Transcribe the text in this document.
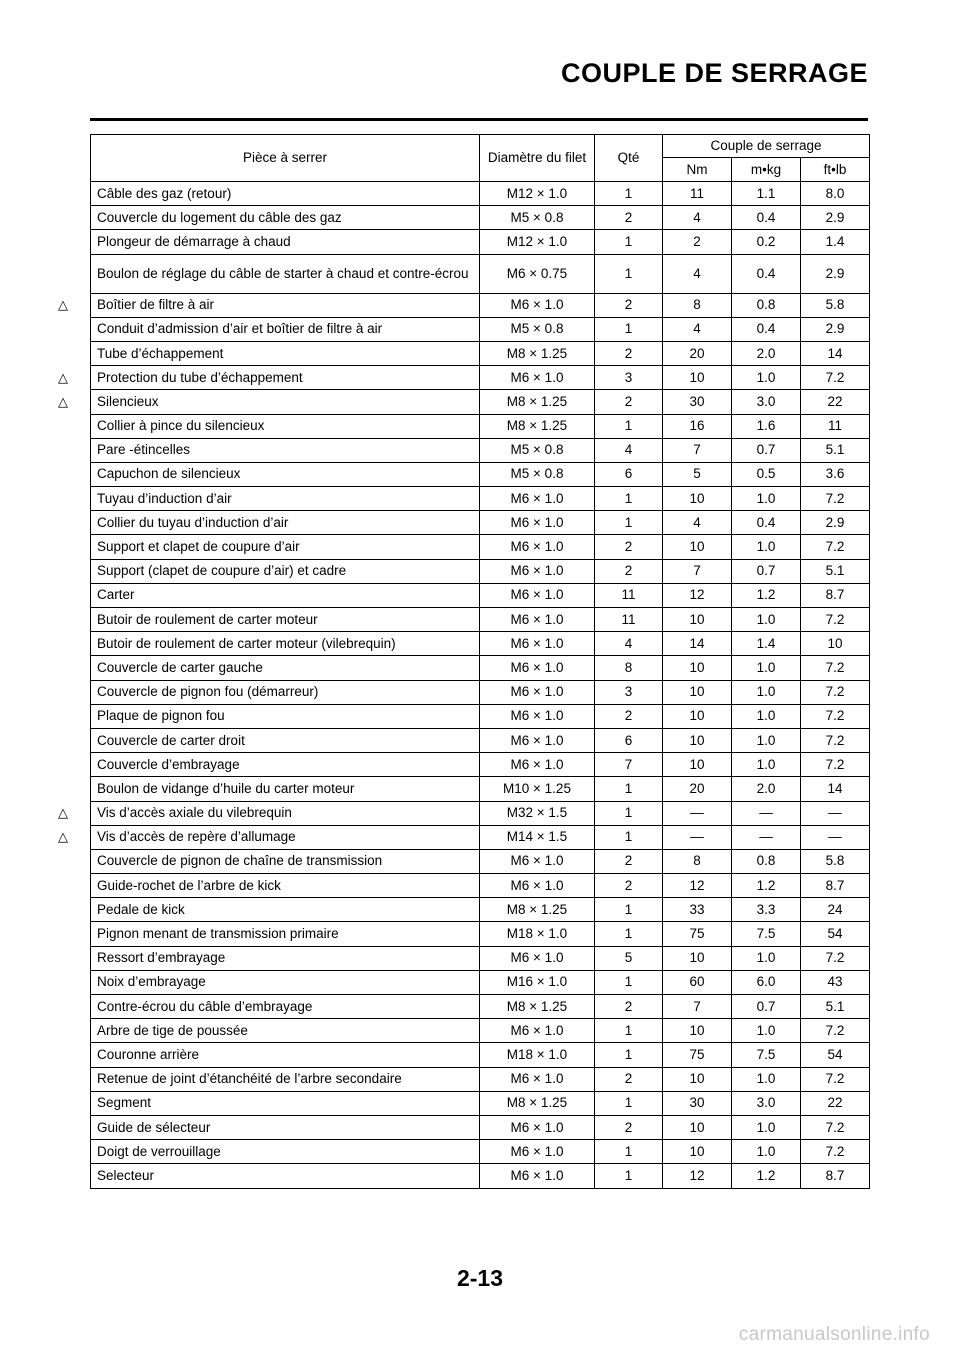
COUPLE DE SERRAGE
Pièce à serrer	Diamètre du filet	Qté	Couple de serrage		
			Nm	m•kg	ft•lb
Câble des gaz (retour)	M12 × 1.0	1	11	1.1	8.0
Couvercle du logement du câble des gaz	M5 × 0.8	2	4	0.4	2.9
Plongeur de démarrage à chaud	M12 × 1.0	1	2	0.2	1.4
Boulon de réglage du câble de starter à chaud et contre-écrou	M6 × 0.75	1	4	0.4	2.9

△ Boîtier de filtre à air	M6 × 1.0	2	8	0.8	5.8
Conduit d’admission d’air et boîtier de filtre à air	M5 × 0.8	1	4	0.4	2.9
Tube d’échappement	M8 × 1.25	2	20	2.0	14

△ Protection du tube d’échappement	M6 × 1.0	3	10	1.0	7.2

△ Silencieux	M8 × 1.25	2	30	3.0	22
Collier à pince du silencieux	M8 × 1.25	1	16	1.6	11
Pare -étincelles	M5 × 0.8	4	7	0.7	5.1
Capuchon de silencieux	M5 × 0.8	6	5	0.5	3.6
Tuyau d’induction d’air	M6 × 1.0	1	10	1.0	7.2
Collier du tuyau d’induction d’air	M6 × 1.0	1	4	0.4	2.9
Support et clapet de coupure d’air	M6 × 1.0	2	10	1.0	7.2
Support (clapet de coupure d’air) et cadre	M6 × 1.0	2	7	0.7	5.1
Carter	M6 × 1.0	11	12	1.2	8.7
Butoir de roulement de carter moteur	M6 × 1.0	11	10	1.0	7.2
Butoir de roulement de carter moteur (vilebrequin)	M6 × 1.0	4	14	1.4	10
Couvercle de carter gauche	M6 × 1.0	8	10	1.0	7.2
Couvercle de pignon fou (démarreur)	M6 × 1.0	3	10	1.0	7.2
Plaque de pignon fou	M6 × 1.0	2	10	1.0	7.2
Couvercle de carter droit	M6 × 1.0	6	10	1.0	7.2
Couvercle d’embrayage	M6 × 1.0	7	10	1.0	7.2
Boulon de vidange d’huile du carter moteur	M10 × 1.25	1	20	2.0	14

△ Vis d’accès axiale du vilebrequin	M32 × 1.5	1	—	—	—

△ Vis d’accès de repère d’allumage	M14 × 1.5	1	—	—	—
Couvercle de pignon de chaîne de transmission	M6 × 1.0	2	8	0.8	5.8
Guide-rochet de l’arbre de kick	M6 × 1.0	2	12	1.2	8.7
Pedale de kick	M8 × 1.25	1	33	3.3	24
Pignon menant de transmission primaire	M18 × 1.0	1	75	7.5	54
Ressort d’embrayage	M6 × 1.0	5	10	1.0	7.2
Noix d’embrayage	M16 × 1.0	1	60	6.0	43
Contre-écrou du câble d’embrayage	M8 × 1.25	2	7	0.7	5.1
Arbre de tige de poussée	M6 × 1.0	1	10	1.0	7.2
Couronne arrière	M18 × 1.0	1	75	7.5	54
Retenue de joint d’étanchéité de l’arbre secondaire	M6 × 1.0	2	10	1.0	7.2
Segment	M8 × 1.25	1	30	3.0	22
Guide de sélecteur	M6 × 1.0	2	10	1.0	7.2
Doigt de verrouillage	M6 × 1.0	1	10	1.0	7.2
Selecteur	M6 × 1.0	1	12	1.2	8.7
2-13
carmanualsonline.info
